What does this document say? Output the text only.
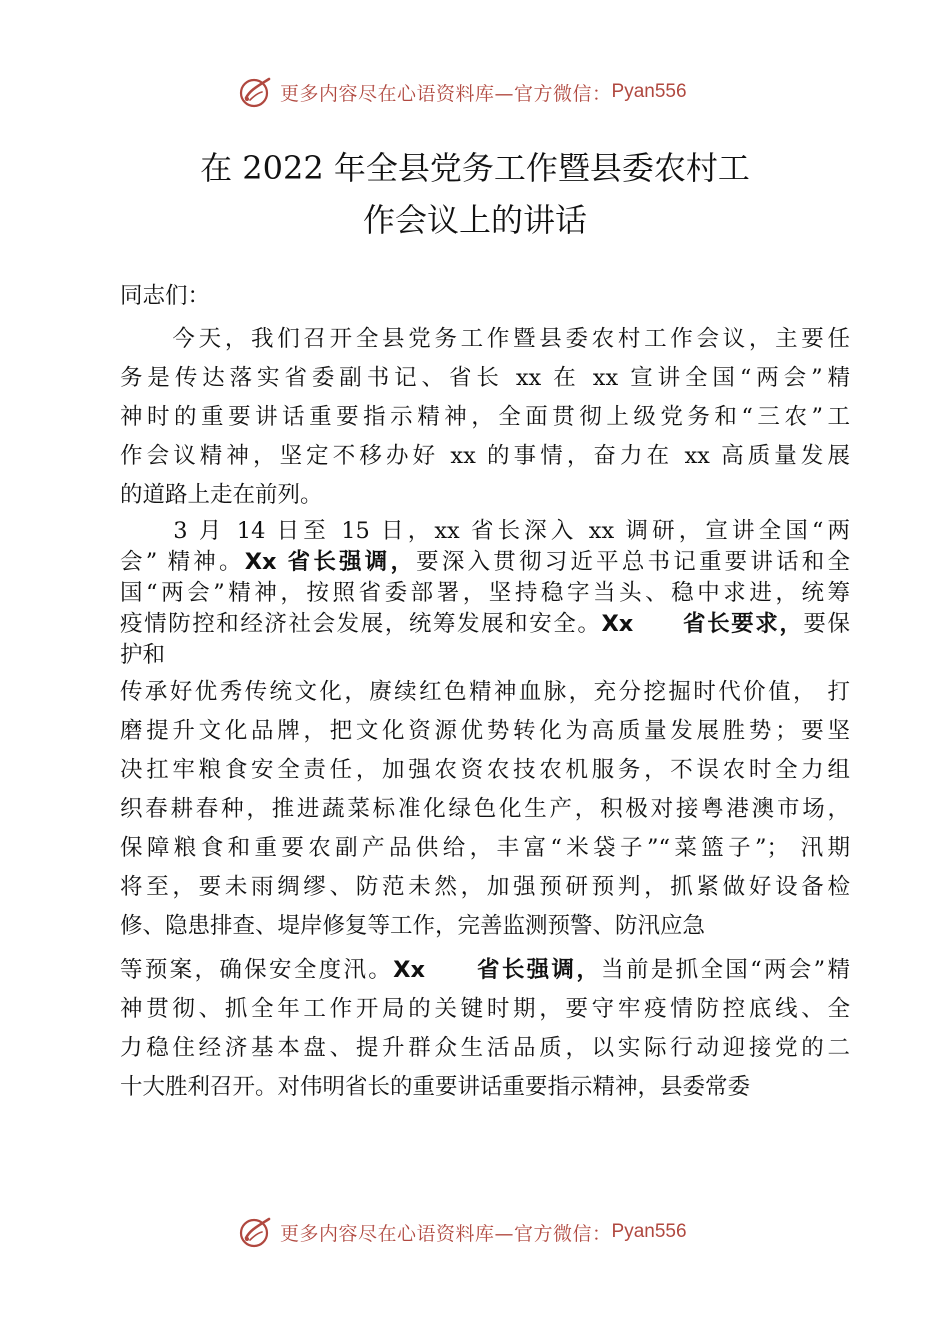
更多内容尽在心语资料库—官方微信： Pyan556
在 2022 年全县党务工作暨县委农村工
作会议上的讲话
同志们：
　　今天，我们召开全县党务工作暨县委农村工作会议，主要任
务是传达落实省委副书记、省长 xx 在 xx 宣讲全国“两会”精
神时的重要讲话重要指示精神，全面贯彻上级党务和“三农”工
作会议精神，坚定不移办好 xx 的事情，奋力在 xx 高质量发展
的道路上走在前列。
　　3 月 14 日至 15 日，xx 省长深入 xx 调研，宣讲全国“两
会” 精神。Xx 省长强调，要深入贯彻习近平总书记重要讲话和全
国“两会”精神，按照省委部署，坚持稳字当头、稳中求进，统筹
疫情防控和经济社会发展，统筹发展和安全。Xx　　省长要求，要保
护和
传承好优秀传统文化，赓续红色精神血脉，充分挖掘时代价值， 打
磨提升文化品牌，把文化资源优势转化为高质量发展胜势；要坚
决扛牢粮食安全责任，加强农资农技农机服务，不误农时全力组
织春耕春种，推进蔬菜标准化绿色化生产，积极对接粤港澳市场，
保障粮食和重要农副产品供给，丰富“米袋子”“菜篮子”； 汛期
将至，要未雨绸缪、防范未然，加强预研预判，抓紧做好设备检
修、隐患排查、堤岸修复等工作，完善监测预警、防汛应急
等预案，确保安全度汛。Xx　　省长强调，当前是抓全国“两会”精
神贯彻、抓全年工作开局的关键时期，要守牢疫情防控底线、全
力稳住经济基本盘、提升群众生活品质，以实际行动迎接党的二
十大胜利召开。对伟明省长的重要讲话重要指示精神，县委常委
更多内容尽在心语资料库—官方微信： Pyan556
